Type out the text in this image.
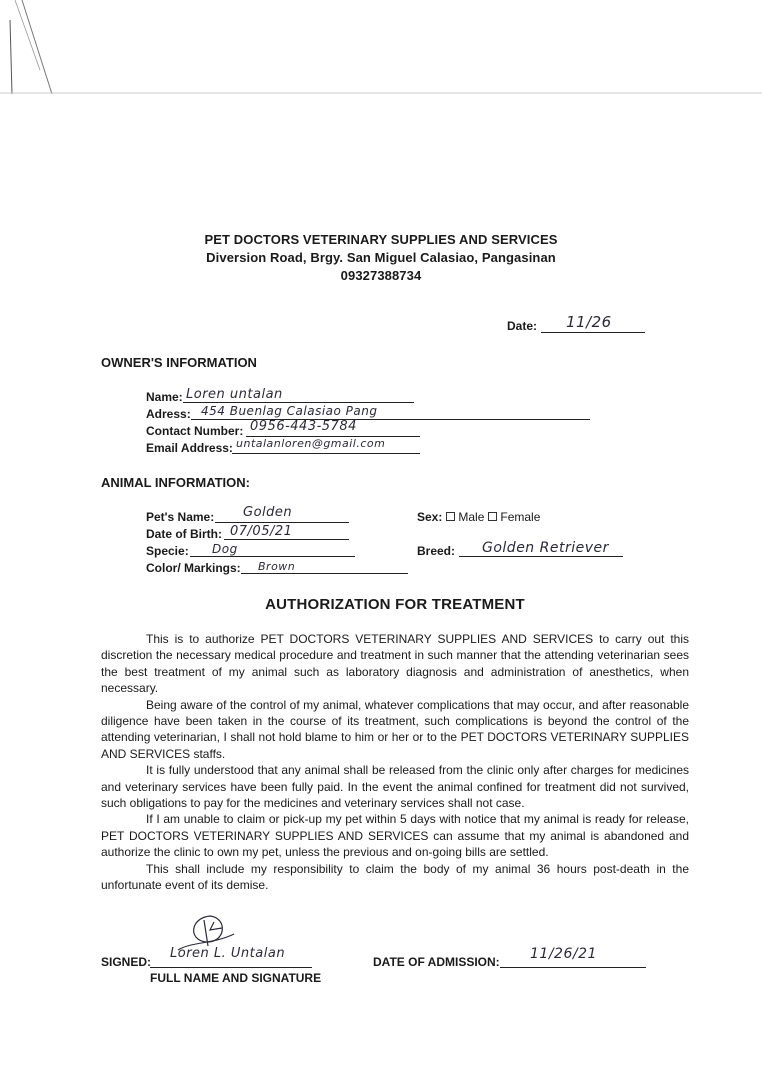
PET DOCTORS VETERINARY SUPPLIES AND SERVICES
Diversion Road, Brgy. San Miguel Calasiao, Pangasinan
09327388734
Date: 11/26
OWNER'S INFORMATION
Name: Loren untalan
Adress: 454 Buenlag Calasiao Pang
Contact Number: 0956-443-5784
Email Address: untalanloren@gmail.com
ANIMAL INFORMATION:
Pet's Name: Golden
Date of Birth: 07/05/21
Specie: Dog
Color/ Markings: Brown
Sex: Male Female
Breed: Golden Retriever
AUTHORIZATION FOR TREATMENT

This is to authorize PET DOCTORS VETERINARY SUPPLIES AND SERVICES to carry out this discretion the necessary medical procedure and treatment in such manner that the attending veterinarian sees the best treatment of my animal such as laboratory diagnosis and administration of anesthetics, when necessary.

Being aware of the control of my animal, whatever complications that may occur, and after reasonable diligence have been taken in the course of its treatment, such complications is beyond the control of the attending veterinarian, I shall not hold blame to him or her or to the PET DOCTORS VETERINARY SUPPLIES AND SERVICES staffs.

It is fully understood that any animal shall be released from the clinic only after charges for medicines and veterinary services have been fully paid. In the event the animal confined for treatment did not survived, such obligations to pay for the medicines and veterinary services shall not case.

If I am unable to claim or pick-up my pet within 5 days with notice that my animal is ready for release, PET DOCTORS VETERINARY SUPPLIES AND SERVICES can assume that my animal is abandoned and authorize the clinic to own my pet, unless the previous and on-going bills are settled.

This shall include my responsibility to claim the body of my animal 36 hours post-death in the unfortunate event of its demise.

SIGNED:
Loren L. Untalan
FULL NAME AND SIGNATURE
DATE OF ADMISSION: 11/26/21
